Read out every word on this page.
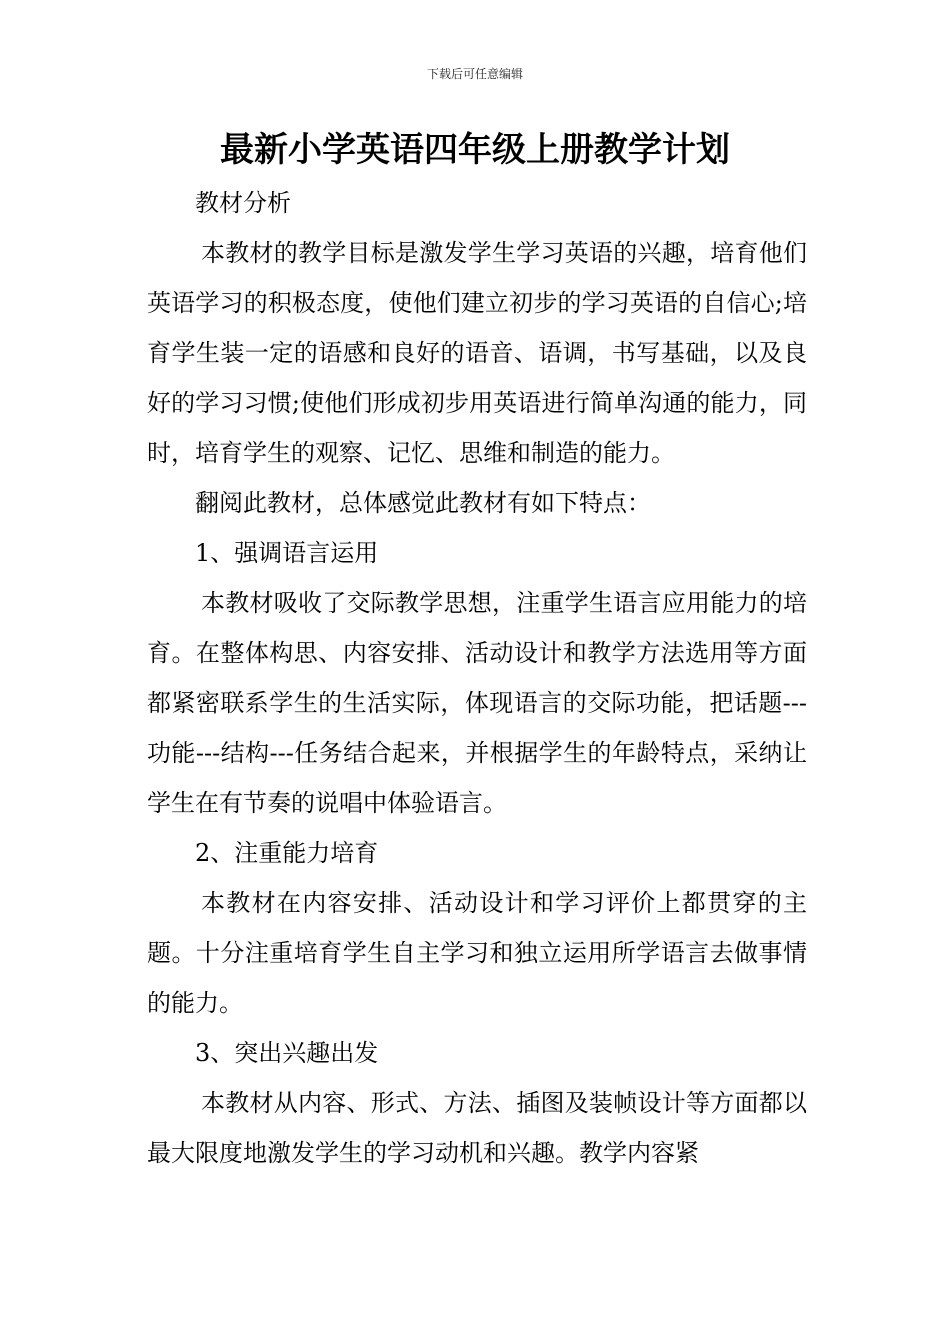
下载后可任意编辑
最新小学英语四年级上册教学计划

教材分析

本教材的教学目标是激发学生学习英语的兴趣，培育他们英语学习的积极态度，使他们建立初步的学习英语的自信心;培育学生装一定的语感和良好的语音、语调，书写基础，以及良好的学习习惯;使他们形成初步用英语进行简单沟通的能力，同时，培育学生的观察、记忆、思维和制造的能力。

翻阅此教材，总体感觉此教材有如下特点：

1、强调语言运用

本教材吸收了交际教学思想，注重学生语言应用能力的培育。在整体构思、内容安排、活动设计和教学方法选用等方面都紧密联系学生的生活实际，体现语言的交际功能，把话题---功能---结构---任务结合起来，并根据学生的年龄特点，采纳让学生在有节奏的说唱中体验语言。

2、注重能力培育

本教材在内容安排、活动设计和学习评价上都贯穿的主题。十分注重培育学生自主学习和独立运用所学语言去做事情的能力。

3、突出兴趣出发

本教材从内容、形式、方法、插图及装帧设计等方面都以最大限度地激发学生的学习动机和兴趣。教学内容紧
